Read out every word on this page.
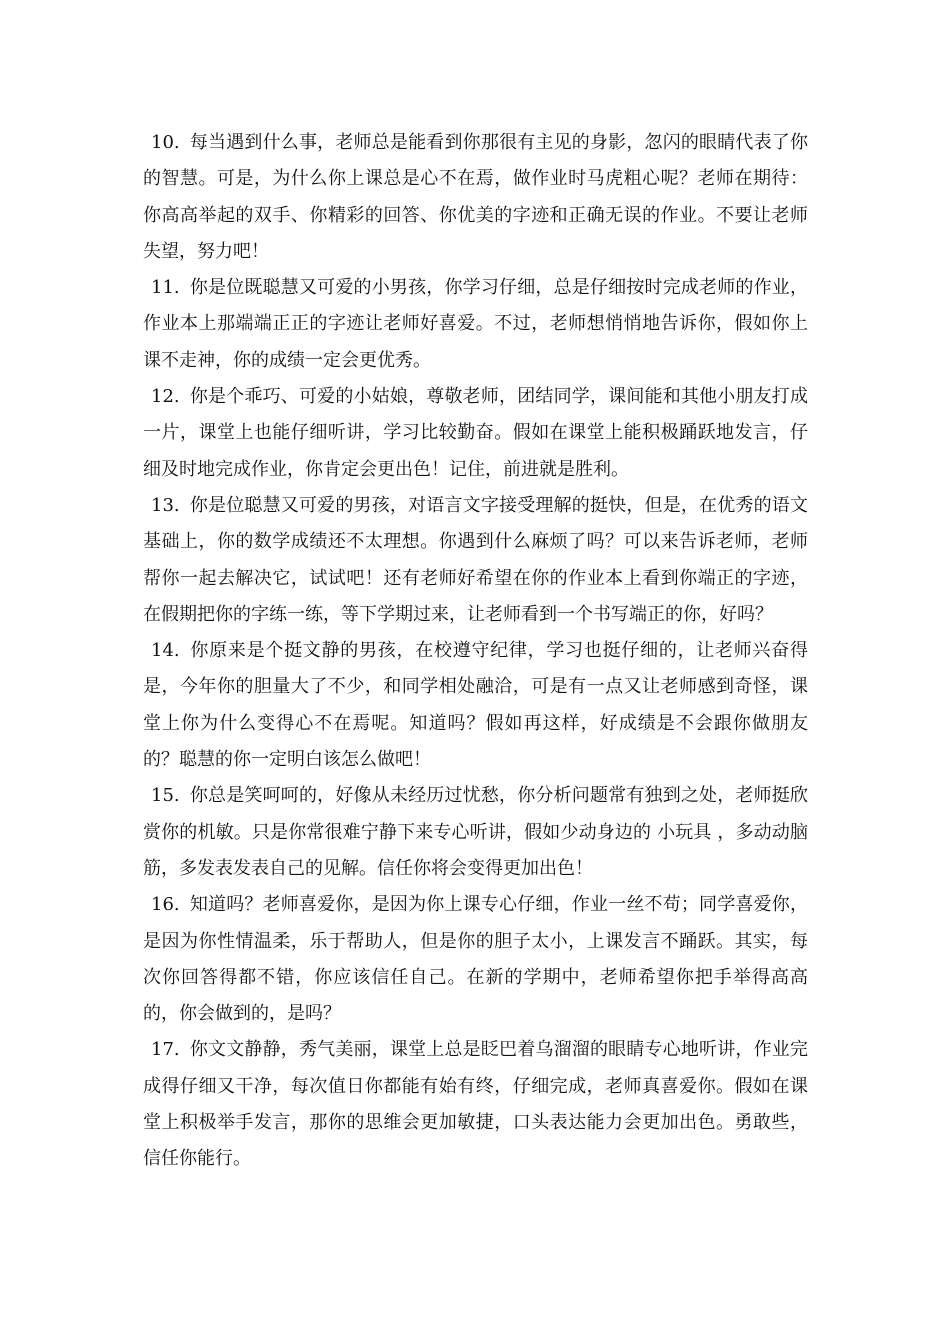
10. 每当遇到什么事，老师总是能看到你那很有主见的身影，忽闪的眼睛代表了你的智慧。可是，为什么你上课总是心不在焉，做作业时马虎粗心呢？老师在期待：你高高举起的双手、你精彩的回答、你优美的字迹和正确无误的作业。不要让老师失望，努力吧！

11. 你是位既聪慧又可爱的小男孩，你学习仔细，总是仔细按时完成老师的作业，作业本上那端端正正的字迹让老师好喜爱。不过，老师想悄悄地告诉你，假如你上课不走神，你的成绩一定会更优秀。

12. 你是个乖巧、可爱的小姑娘，尊敬老师，团结同学，课间能和其他小朋友打成一片，课堂上也能仔细听讲，学习比较勤奋。假如在课堂上能积极踊跃地发言，仔细及时地完成作业，你肯定会更出色！记住，前进就是胜利。

13. 你是位聪慧又可爱的男孩，对语言文字接受理解的挺快，但是，在优秀的语文基础上，你的数学成绩还不太理想。你遇到什么麻烦了吗？可以来告诉老师，老师帮你一起去解决它，试试吧！还有老师好希望在你的作业本上看到你端正的字迹，在假期把你的字练一练，等下学期过来，让老师看到一个书写端正的你，好吗？

14. 你原来是个挺文静的男孩，在校遵守纪律，学习也挺仔细的，让老师兴奋得是，今年你的胆量大了不少，和同学相处融洽，可是有一点又让老师感到奇怪，课堂上你为什么变得心不在焉呢。知道吗？假如再这样，好成绩是不会跟你做朋友的？聪慧的你一定明白该怎么做吧！

15. 你总是笑呵呵的，好像从未经历过忧愁，你分析问题常有独到之处，老师挺欣赏你的机敏。只是你常很难宁静下来专心听讲，假如少动身边的 小玩具 ，多动动脑筋，多发表发表自己的见解。信任你将会变得更加出色！

16. 知道吗？老师喜爱你，是因为你上课专心仔细，作业一丝不苟；同学喜爱你，是因为你性情温柔，乐于帮助人，但是你的胆子太小，上课发言不踊跃。其实，每次你回答得都不错，你应该信任自己。在新的学期中，老师希望你把手举得高高的，你会做到的，是吗？

17. 你文文静静，秀气美丽，课堂上总是眨巴着乌溜溜的眼睛专心地听讲，作业完成得仔细又干净，每次值日你都能有始有终，仔细完成，老师真喜爱你。假如在课堂上积极举手发言，那你的思维会更加敏捷，口头表达能力会更加出色。勇敢些，信任你能行。
